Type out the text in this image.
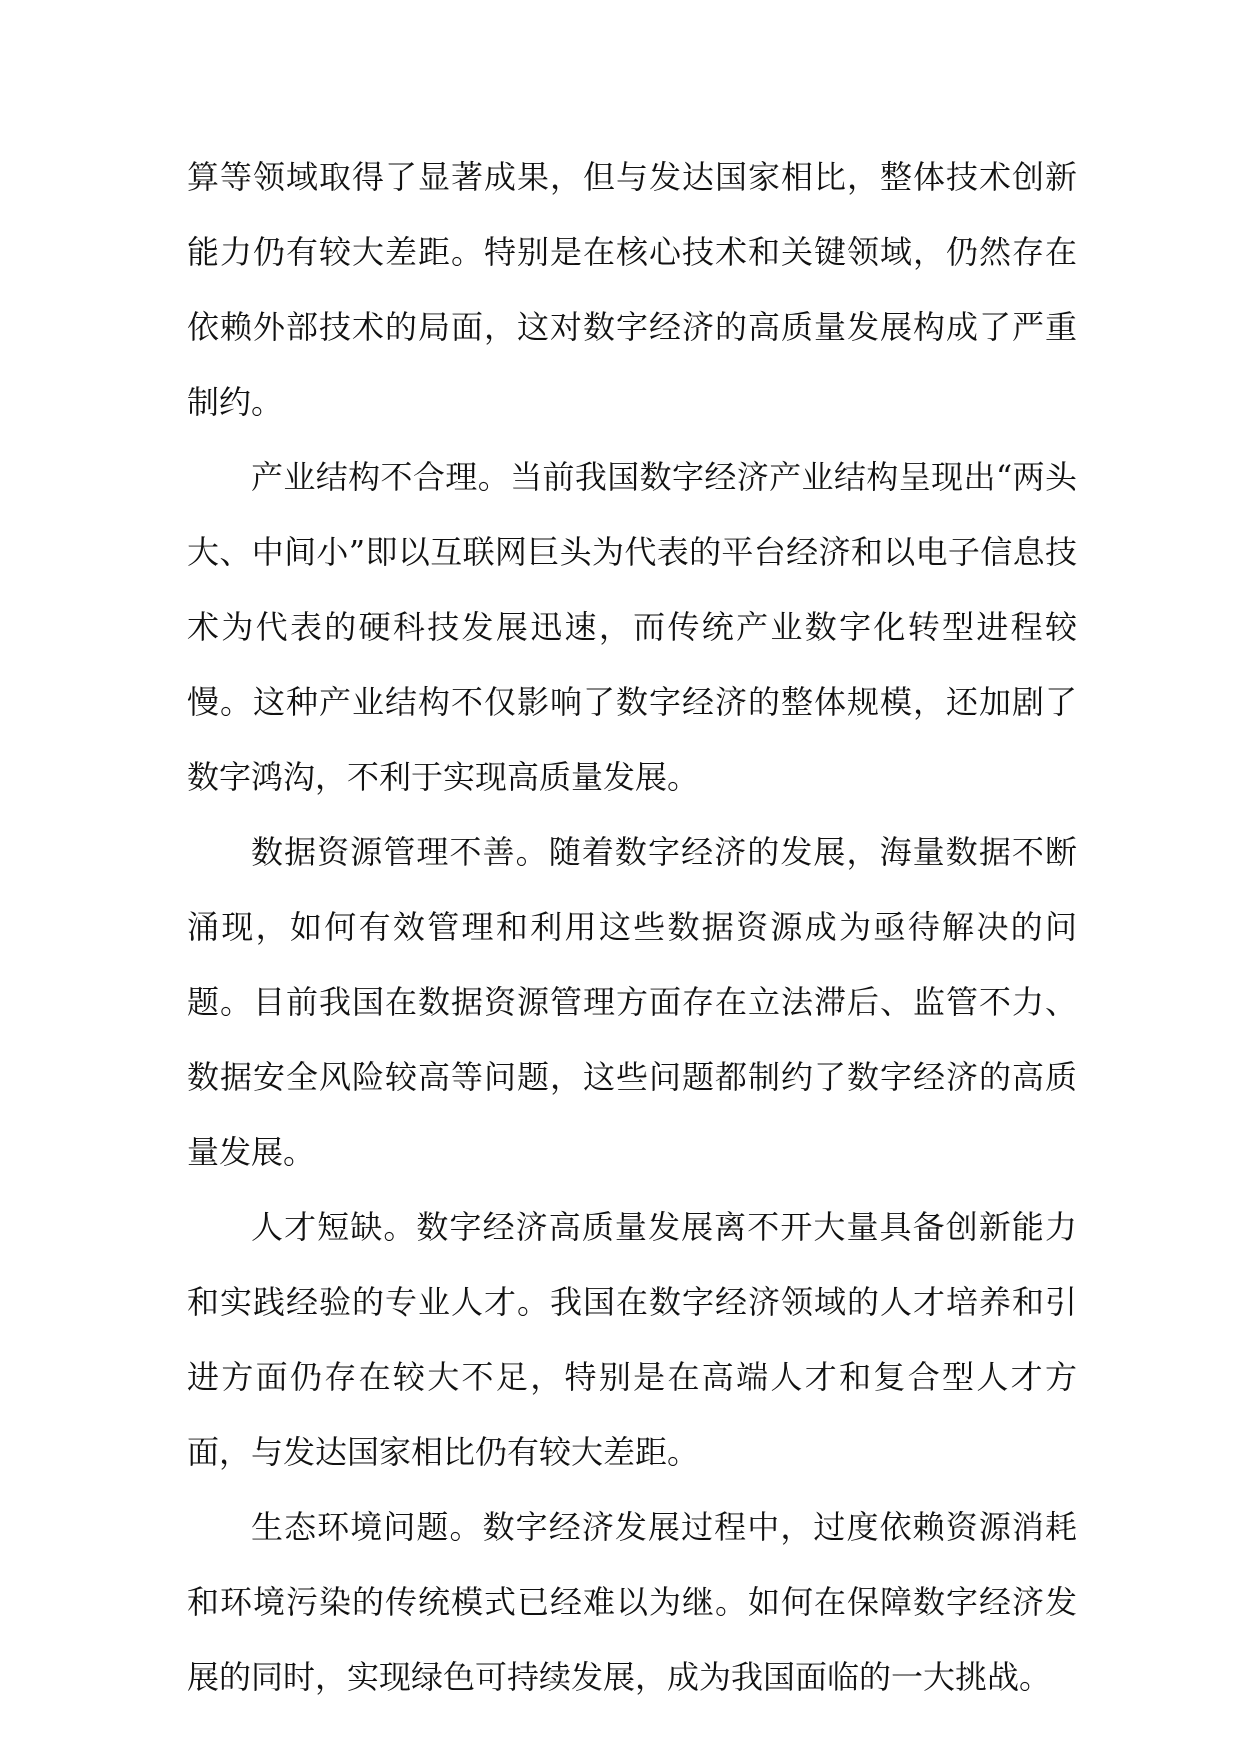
算等领域取得了显著成果，但与发达国家相比，整体技术创新能力仍有较大差距。特别是在核心技术和关键领域，仍然存在依赖外部技术的局面，这对数字经济的高质量发展构成了严重制约。

产业结构不合理。当前我国数字经济产业结构呈现出“两头大、中间小”即以互联网巨头为代表的平台经济和以电子信息技术为代表的硬科技发展迅速，而传统产业数字化转型进程较慢。这种产业结构不仅影响了数字经济的整体规模，还加剧了数字鸿沟，不利于实现高质量发展。

数据资源管理不善。随着数字经济的发展，海量数据不断涌现，如何有效管理和利用这些数据资源成为亟待解决的问题。目前我国在数据资源管理方面存在立法滞后、监管不力、数据安全风险较高等问题，这些问题都制约了数字经济的高质量发展。

人才短缺。数字经济高质量发展离不开大量具备创新能力和实践经验的专业人才。我国在数字经济领域的人才培养和引进方面仍存在较大不足，特别是在高端人才和复合型人才方面，与发达国家相比仍有较大差距。

生态环境问题。数字经济发展过程中，过度依赖资源消耗和环境污染的传统模式已经难以为继。如何在保障数字经济发展的同时，实现绿色可持续发展，成为我国面临的一大挑战。
